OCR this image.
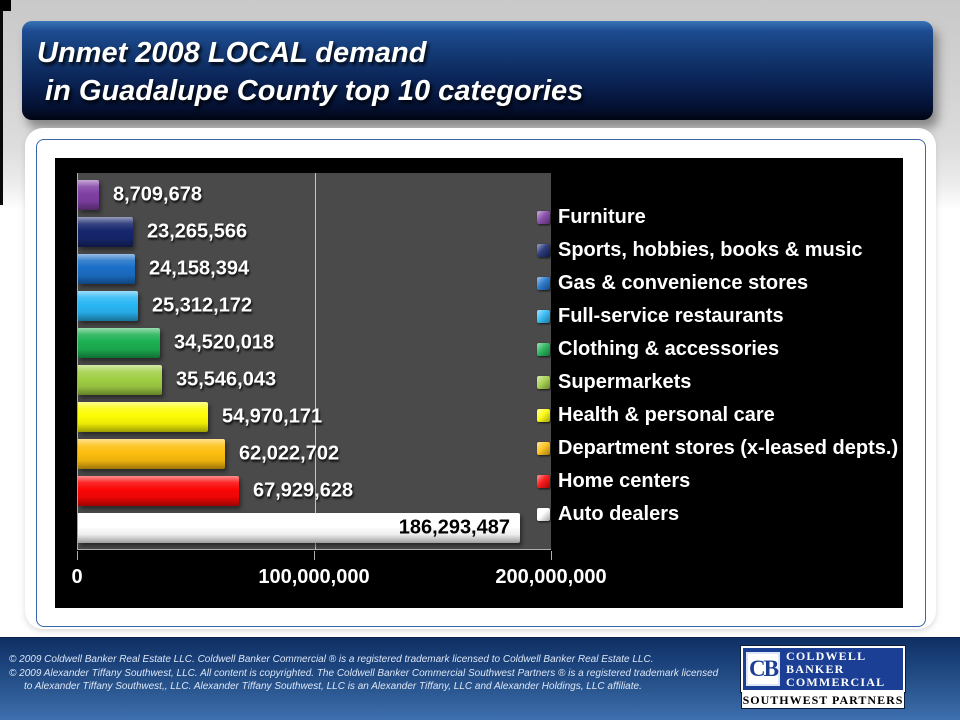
Unmet 2008 LOCAL demand
in Guadalupe County top 10 categories
8,709,678
23,265,566
24,158,394
25,312,172
34,520,018
35,546,043
54,970,171
62,022,702
67,929,628
186,293,487
0	100,000,000	200,000,000
Furniture
Sports, hobbies, books & music
Gas & convenience stores
Full-service restaurants
Clothing & accessories
Supermarkets
Health & personal care
Department stores (x-leased depts.)
Home centers
Auto dealers
© 2009 Coldwell Banker Real Estate LLC. Coldwell Banker Commercial ® is a registered trademark licensed to Coldwell Banker Real Estate LLC.
© 2009 Alexander Tiffany Southwest, LLC. All content is copyrighted. The Coldwell Banker Commercial Southwest Partners ® is a registered trademark licensed
to Alexander Tiffany Southwest,, LLC. Alexander Tiffany Southwest, LLC is an Alexander Tiffany, LLC and Alexander Holdings, LLC affiliate.
CB
COLDWELL
BANKER
COMMERCIAL
SOUTHWEST PARTNERS
